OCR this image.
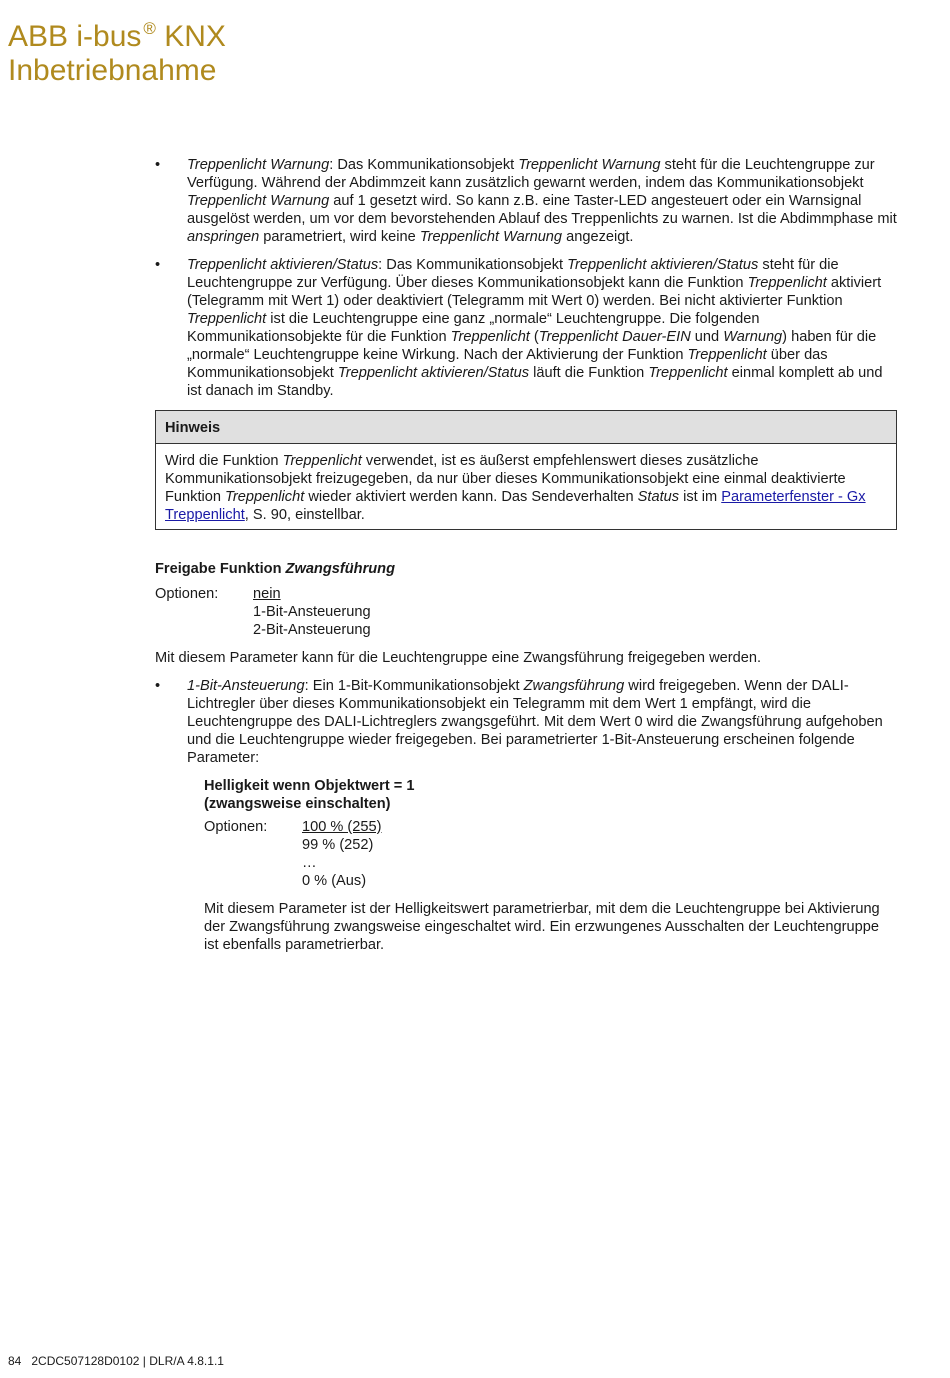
ABB i-bus ® KNX
Inbetriebnahme
• Treppenlicht Warnung: Das Kommunikationsobjekt Treppenlicht Warnung steht für die Leuchtengruppe zur Verfügung. Während der Abdimmzeit kann zusätzlich gewarnt werden, indem das Kommunikationsobjekt Treppenlicht Warnung auf 1 gesetzt wird. So kann z.B. eine Taster-LED angesteuert oder ein Warnsignal ausgelöst werden, um vor dem bevorstehenden Ablauf des Treppenlichts zu warnen. Ist die Abdimmphase mit anspringen parametriert, wird keine Treppenlicht Warnung angezeigt.
• Treppenlicht aktivieren/Status: Das Kommunikationsobjekt Treppenlicht aktivieren/Status steht für die Leuchtengruppe zur Verfügung. Über dieses Kommunikationsobjekt kann die Funktion Treppenlicht aktiviert (Telegramm mit Wert 1) oder deaktiviert (Telegramm mit Wert 0) werden. Bei nicht aktivierter Funktion Treppenlicht ist die Leuchtengruppe eine ganz „normale“ Leuchtengruppe. Die folgenden Kommunikationsobjekte für die Funktion Treppenlicht (Treppenlicht Dauer-EIN und Warnung) haben für die „normale“ Leuchtengruppe keine Wirkung. Nach der Aktivierung der Funktion Treppenlicht über das Kommunikationsobjekt Treppenlicht aktivieren/Status läuft die Funktion Treppenlicht einmal komplett ab und ist danach im Standby.
Hinweis
Wird die Funktion Treppenlicht verwendet, ist es äußerst empfehlenswert dieses zusätzliche Kommunikationsobjekt freizugegeben, da nur über dieses Kommunikationsobjekt eine einmal deaktivierte Funktion Treppenlicht wieder aktiviert werden kann. Das Sendeverhalten Status ist im Parameterfenster - Gx Treppenlicht, S. 90, einstellbar.
Freigabe Funktion Zwangsführung
Optionen:	nein
1-Bit-Ansteuerung
2-Bit-Ansteuerung

Mit diesem Parameter kann für die Leuchtengruppe eine Zwangsführung freigegeben werden.

• 1-Bit-Ansteuerung: Ein 1-Bit-Kommunikationsobjekt Zwangsführung wird freigegeben. Wenn der DALI-Lichtregler über dieses Kommunikationsobjekt ein Telegramm mit dem Wert 1 empfängt, wird die Leuchtengruppe des DALI-Lichtreglers zwangsgeführt. Mit dem Wert 0 wird die Zwangsführung aufgehoben und die Leuchtengruppe wieder freigegeben. Bei parametrierter 1-Bit-Ansteuerung erscheinen folgende Parameter:
Helligkeit wenn Objektwert = 1
(zwangsweise einschalten)
Optionen:	100 % (255)
99 % (252)
…
0 % (Aus)

Mit diesem Parameter ist der Helligkeitswert parametrierbar, mit dem die Leuchtengruppe bei Aktivierung der Zwangsführung zwangsweise eingeschaltet wird. Ein erzwungenes Ausschalten der Leuchtengruppe ist ebenfalls parametrierbar.

84 2CDC507128D0102 | DLR/A 4.8.1.1
